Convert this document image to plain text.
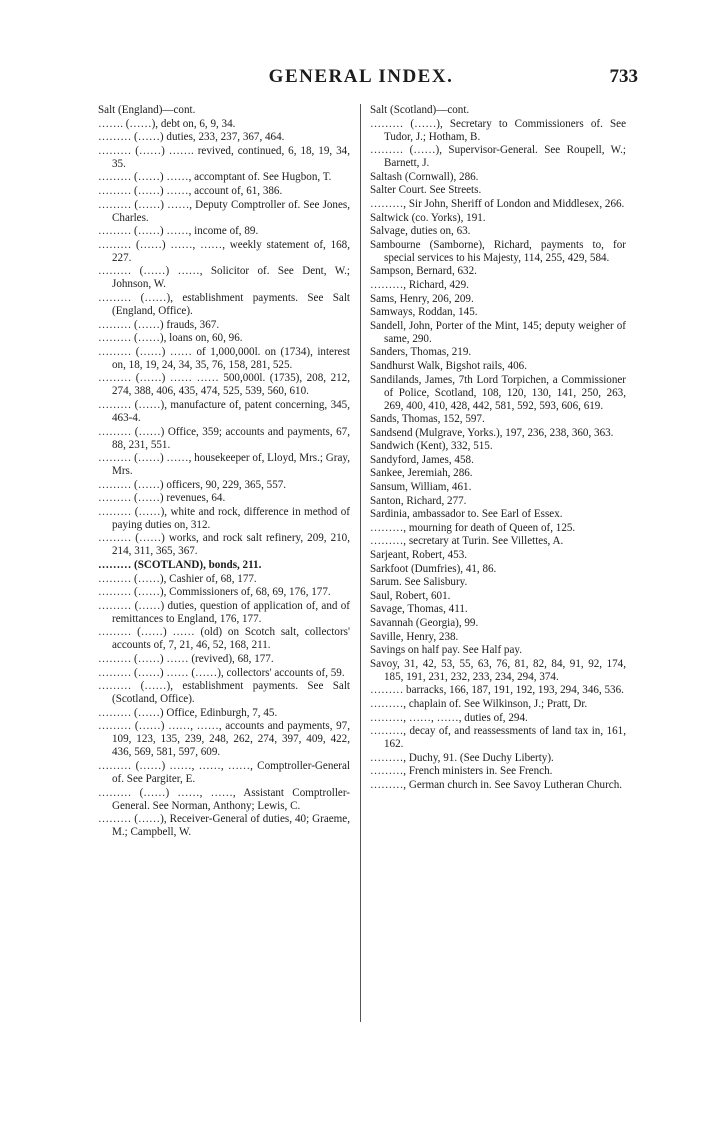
GENERAL INDEX.	733

Salt (England)—cont.

……. (……), debt on, 6, 9, 34.

……… (……) duties, 233, 237, 367, 464.

……… (……) ……. revived, continued, 6, 18, 19, 34, 35.

……… (……) ……, accomptant of. See Hugbon, T.

……… (……) ……, account of, 61, 386.

……… (……) ……, Deputy Comptroller of. See Jones, Charles.

……… (……) ……, income of, 89.

……… (……) ……, ……, weekly statement of, 168, 227.

……… (……) ……, Solicitor of. See Dent, W.; Johnson, W.

……… (……), establishment payments. See Salt (England, Office).

……… (……) frauds, 367.

……… (……), loans on, 60, 96.

……… (……) …… of 1,000,000l. on (1734), interest on, 18, 19, 24, 34, 35, 76, 158, 281, 525.

……… (……) …… …… 500,000l. (1735), 208, 212, 274, 388, 406, 435, 474, 525, 539, 560, 610.

……… (……), manufacture of, patent concerning, 345, 463-4.

……… (……) Office, 359; accounts and payments, 67, 88, 231, 551.

……… (……) ……, housekeeper of, Lloyd, Mrs.; Gray, Mrs.

……… (……) officers, 90, 229, 365, 557.

……… (……) revenues, 64.

……… (……), white and rock, difference in method of paying duties on, 312.

……… (……) works, and rock salt refinery, 209, 210, 214, 311, 365, 367.

……… (SCOTLAND), bonds, 211.

……… (……), Cashier of, 68, 177.

……… (……), Commissioners of, 68, 69, 176, 177.

……… (……) duties, question of application of, and of remittances to England, 176, 177.

……… (……) …… (old) on Scotch salt, collectors' accounts of, 7, 21, 46, 52, 168, 211.

……… (……) …… (revived), 68, 177.

……… (……) …… (……), collectors' accounts of, 59.

……… (……), establishment payments. See Salt (Scotland, Office).

……… (……) Office, Edinburgh, 7, 45.

……… (……) ……, ……, accounts and payments, 97, 109, 123, 135, 239, 248, 262, 274, 397, 409, 422, 436, 569, 581, 597, 609.

……… (……) ……, ……, ……, Comptroller-General of. See Pargiter, E.

……… (……) ……, ……, Assistant Comptroller-General. See Norman, Anthony; Lewis, C.

……… (……), Receiver-General of duties, 40; Graeme, M.; Campbell, W.

Salt (Scotland)—cont.

……… (……), Secretary to Commissioners of. See Tudor, J.; Hotham, B.

……… (……), Supervisor-General. See Roupell, W.; Barnett, J.

Saltash (Cornwall), 286.

Salter Court. See Streets.

………, Sir John, Sheriff of London and Middlesex, 266.

Saltwick (co. Yorks), 191.

Salvage, duties on, 63.

Sambourne (Samborne), Richard, payments to, for special services to his Majesty, 114, 255, 429, 584.

Sampson, Bernard, 632.

………, Richard, 429.

Sams, Henry, 206, 209.

Samways, Roddan, 145.

Sandell, John, Porter of the Mint, 145; deputy weigher of same, 290.

Sanders, Thomas, 219.

Sandhurst Walk, Bigshot rails, 406.

Sandilands, James, 7th Lord Torpichen, a Commissioner of Police, Scotland, 108, 120, 130, 141, 250, 263, 269, 400, 410, 428, 442, 581, 592, 593, 606, 619.

Sands, Thomas, 152, 597.

Sandsend (Mulgrave, Yorks.), 197, 236, 238, 360, 363.

Sandwich (Kent), 332, 515.

Sandyford, James, 458.

Sankee, Jeremiah, 286.

Sansum, William, 461.

Santon, Richard, 277.

Sardinia, ambassador to. See Earl of Essex.

………, mourning for death of Queen of, 125.

………, secretary at Turin. See Villettes, A.

Sarjeant, Robert, 453.

Sarkfoot (Dumfries), 41, 86.

Sarum. See Salisbury.

Saul, Robert, 601.

Savage, Thomas, 411.

Savannah (Georgia), 99.

Saville, Henry, 238.

Savings on half pay. See Half pay.

Savoy, 31, 42, 53, 55, 63, 76, 81, 82, 84, 91, 92, 174, 185, 191, 231, 232, 233, 234, 294, 374.

……… barracks, 166, 187, 191, 192, 193, 294, 346, 536.

………, chaplain of. See Wilkinson, J.; Pratt, Dr.

………, ……, ……, duties of, 294.

………, decay of, and reassessments of land tax in, 161, 162.

………, Duchy, 91. (See Duchy Liberty).

………, French ministers in. See French.

………, German church in. See Savoy Lutheran Church.
